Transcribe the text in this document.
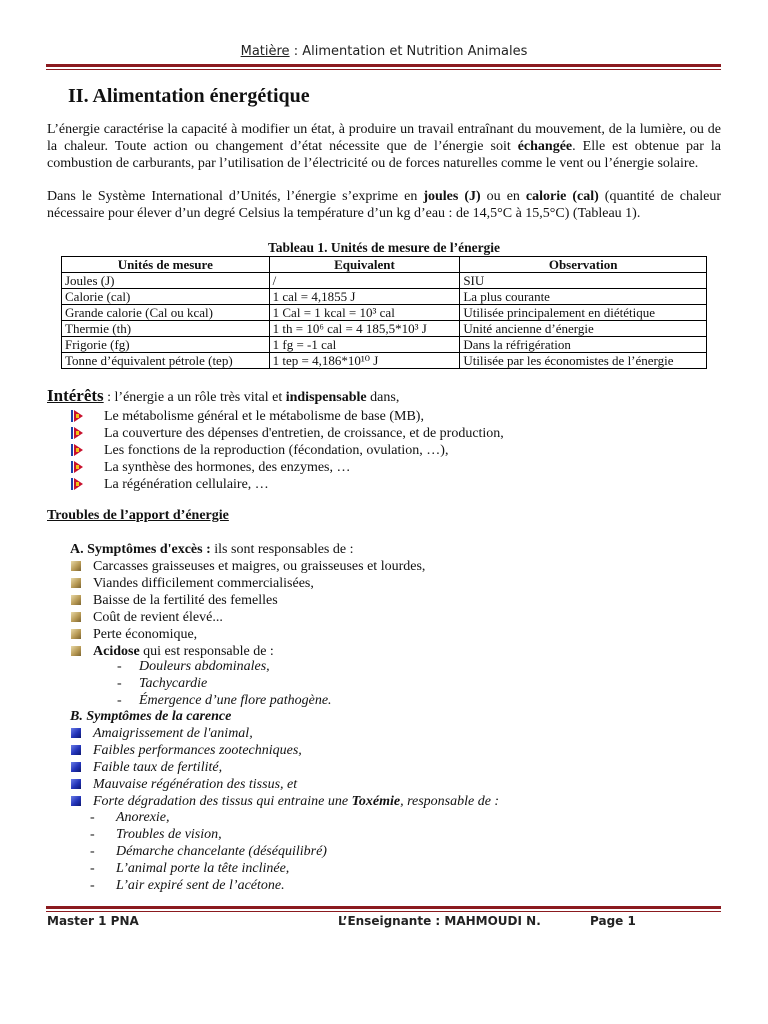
Matière : Alimentation et Nutrition Animales
II. Alimentation énergétique

L’énergie caractérise la capacité à modifier un état, à produire un travail entraînant du mouvement, de la lumière, ou de la chaleur. Toute action ou changement d’état nécessite que de l’énergie soit échangée. Elle est obtenue par la combustion de carburants, par l’utilisation de l’électricité ou de forces naturelles comme le vent ou l’énergie solaire.

Dans le Système International d’Unités, l’énergie s’exprime en joules (J) ou en calorie (cal) (quantité de chaleur nécessaire pour élever d’un degré Celsius la température d’un kg d’eau : de 14,5°C à 15,5°C) (Tableau 1).

Tableau 1. Unités de mesure de l’énergie
Unités de mesure	Equivalent	Observation
Joules (J)	/	SIU
Calorie (cal)	1 cal = 4,1855 J	La plus courante
Grande calorie (Cal ou kcal)	1 Cal = 1 kcal = 10³ cal	Utilisée principalement en diététique
Thermie (th)	1 th = 10⁶ cal = 4 185,5*10³ J	Unité ancienne d’énergie
Frigorie (fg)	1 fg = -1 cal	Dans la réfrigération
Tonne d’équivalent pétrole (tep)	1 tep = 4,186*10¹⁰ J	Utilisée par les économistes de l’énergie
Intérêts : l’énergie a un rôle très vital et indispensable dans,
Le métabolisme général et le métabolisme de base (MB),
La couverture des dépenses d'entretien, de croissance, et de production,
Les fonctions de la reproduction (fécondation, ovulation, …),
La synthèse des hormones, des enzymes, …
La régénération cellulaire, …
Troubles de l’apport d’énergie
A. Symptômes d'excès : ils sont responsables de :
Carcasses graisseuses et maigres, ou graisseuses et lourdes,
Viandes difficilement commercialisées,
Baisse de la fertilité des femelles
Coût de revient élevé...
Perte économique,
Acidose qui est responsable de :
- Douleurs abdominales,
- Tachycardie
- Émergence d’une flore pathogène.
B. Symptômes de la carence
Amaigrissement de l'animal,
Faibles performances zootechniques,
Faible taux de fertilité,
Mauvaise régénération des tissus, et
Forte dégradation des tissus qui entraine une Toxémie, responsable de :
- Anorexie,
- Troubles de vision,
- Démarche chancelante (déséquilibré)
- L’animal porte la tête inclinée,
- L’air expiré sent de l’acétone.
Master 1 PNA	L’Enseignante : MAHMOUDI N.	Page 1
